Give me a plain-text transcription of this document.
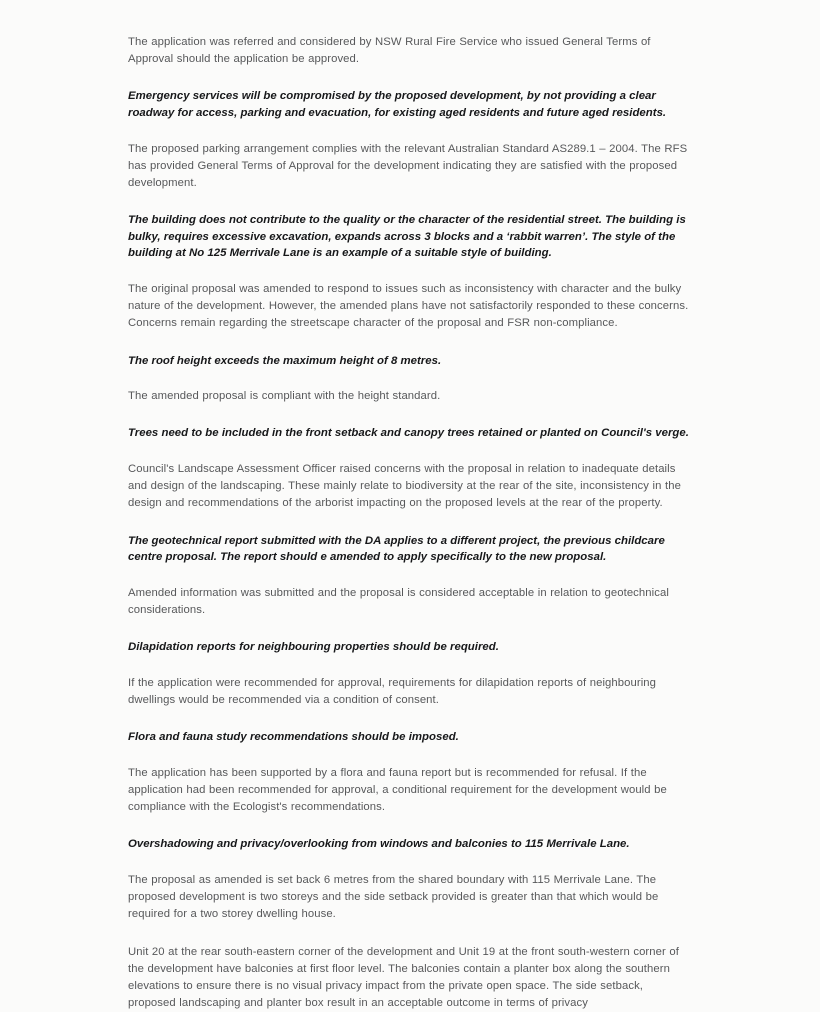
The application was referred and considered by NSW Rural Fire Service who issued General Terms of Approval should the application be approved.

Emergency services will be compromised by the proposed development, by not providing a clear roadway for access, parking and evacuation, for existing aged residents and future aged residents.

The proposed parking arrangement complies with the relevant Australian Standard AS289.1 – 2004. The RFS has provided General Terms of Approval for the development indicating they are satisfied with the proposed development.

The building does not contribute to the quality or the character of the residential street. The building is bulky, requires excessive excavation, expands across 3 blocks and a ‘rabbit warren’. The style of the building at No 125 Merrivale Lane is an example of a suitable style of building.

The original proposal was amended to respond to issues such as inconsistency with character and the bulky nature of the development. However, the amended plans have not satisfactorily responded to these concerns. Concerns remain regarding the streetscape character of the proposal and FSR non-compliance.

The roof height exceeds the maximum height of 8 metres.

The amended proposal is compliant with the height standard.

Trees need to be included in the front setback and canopy trees retained or planted on Council's verge.

Council's Landscape Assessment Officer raised concerns with the proposal in relation to inadequate details and design of the landscaping. These mainly relate to biodiversity at the rear of the site, inconsistency in the design and recommendations of the arborist impacting on the proposed levels at the rear of the property.

The geotechnical report submitted with the DA applies to a different project, the previous childcare centre proposal. The report should e amended to apply specifically to the new proposal.

Amended information was submitted and the proposal is considered acceptable in relation to geotechnical considerations.

Dilapidation reports for neighbouring properties should be required.

If the application were recommended for approval, requirements for dilapidation reports of neighbouring dwellings would be recommended via a condition of consent.

Flora and fauna study recommendations should be imposed.

The application has been supported by a flora and fauna report but is recommended for refusal. If the application had been recommended for approval, a conditional requirement for the development would be compliance with the Ecologist's recommendations.

Overshadowing and privacy/overlooking from windows and balconies to 115 Merrivale Lane.

The proposal as amended is set back 6 metres from the shared boundary with 115 Merrivale Lane. The proposed development is two storeys and the side setback provided is greater than that which would be required for a two storey dwelling house.

Unit 20 at the rear south-eastern corner of the development and Unit 19 at the front south-western corner of the development have balconies at first floor level. The balconies contain a planter box along the southern elevations to ensure there is no visual privacy impact from the private open space. The side setback, proposed landscaping and planter box result in an acceptable outcome in terms of privacy
